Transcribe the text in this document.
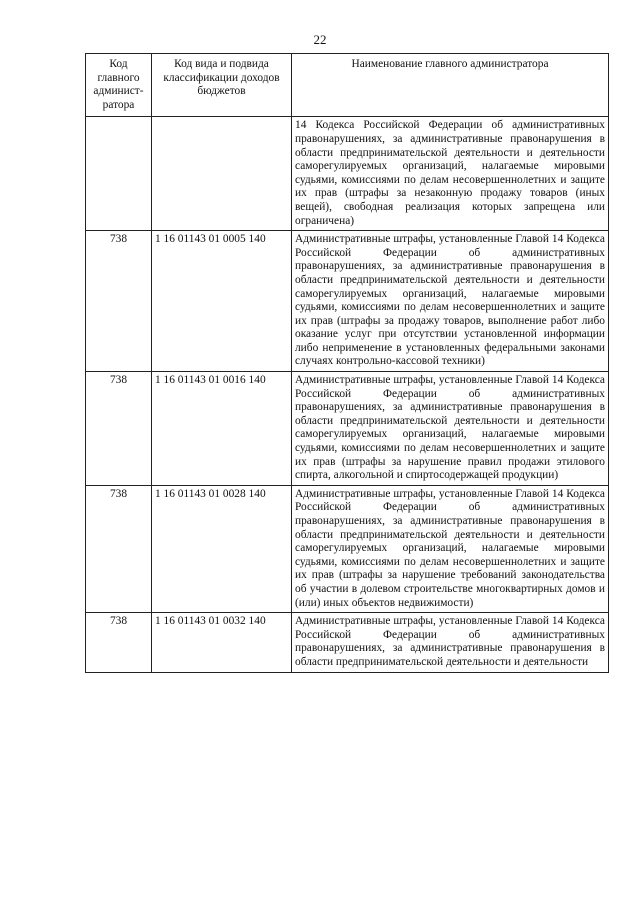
22
Код главного админист-ратора	Код вида и подвида классификации доходов бюджетов	Наименование главного администратора
		14 Кодекса Российской Федерации об административных правонарушениях, за административные правонарушения в области предпринимательской деятельности и деятельности саморегулируемых организаций, налагаемые мировыми судьями, комиссиями по делам несовершеннолетних и защите их прав (штрафы за незаконную продажу товаров (иных вещей), свободная реализация которых запрещена или ограничена)
738	1 16 01143 01 0005 140	Административные штрафы, установленные Главой 14 Кодекса Российской Федерации об административных правонарушениях, за административные правонарушения в области предпринимательской деятельности и деятельности саморегулируемых организаций, налагаемые мировыми судьями, комиссиями по делам несовершеннолетних и защите их прав (штрафы за продажу товаров, выполнение работ либо оказание услуг при отсутствии установленной информации либо неприменение в установленных федеральными законами случаях контрольно-кассовой техники)
738	1 16 01143 01 0016 140	Административные штрафы, установленные Главой 14 Кодекса Российской Федерации об административных правонарушениях, за административные правонарушения в области предпринимательской деятельности и деятельности саморегулируемых организаций, налагаемые мировыми судьями, комиссиями по делам несовершеннолетних и защите их прав (штрафы за нарушение правил продажи этилового спирта, алкогольной и спиртосодержащей продукции)
738	1 16 01143 01 0028 140	Административные штрафы, установленные Главой 14 Кодекса Российской Федерации об административных правонарушениях, за административные правонарушения в области предпринимательской деятельности и деятельности саморегулируемых организаций, налагаемые мировыми судьями, комиссиями по делам несовершеннолетних и защите их прав (штрафы за нарушение требований законодательства об участии в долевом строительстве многоквартирных домов и (или) иных объектов недвижимости)
738	1 16 01143 01 0032 140	Административные штрафы, установленные Главой 14 Кодекса Российской Федерации об административных правонарушениях, за административные правонарушения в области предпринимательской деятельности и деятельности
